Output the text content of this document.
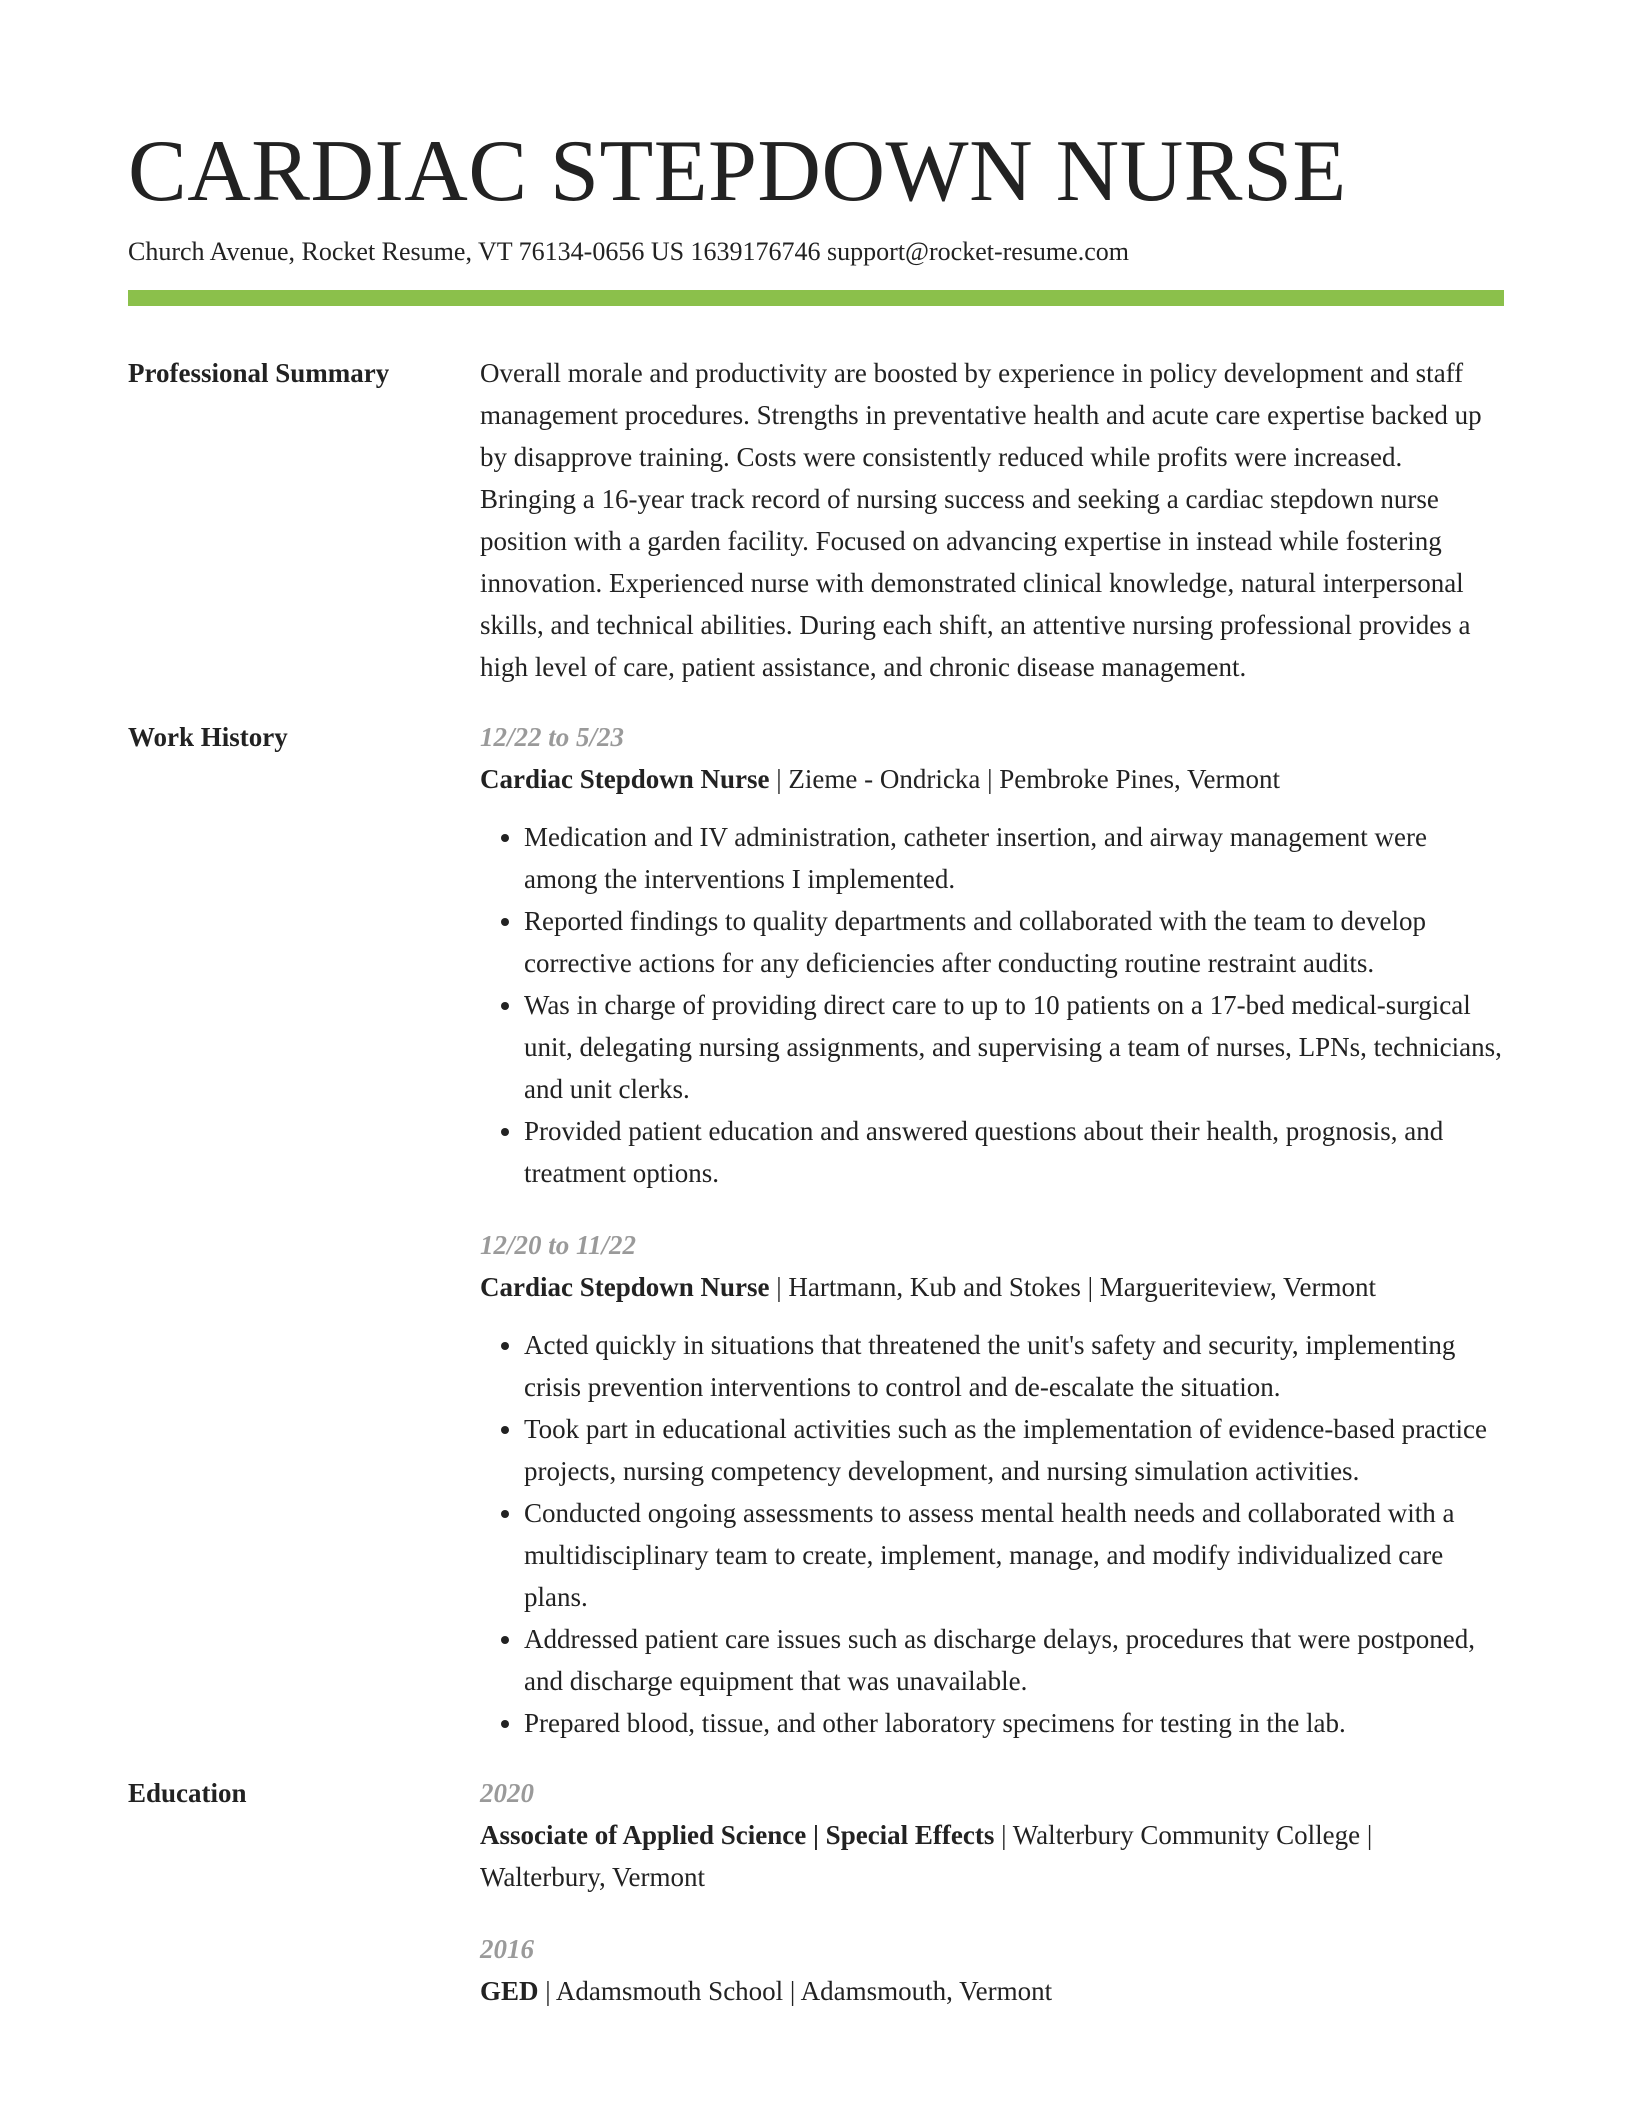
CARDIAC STEPDOWN NURSE
Church Avenue, Rocket Resume, VT 76134-0656 US 1639176746 support@rocket-resume.com
Professional Summary	Overall morale and productivity are boosted by experience in policy development and staff management procedures. Strengths in preventative health and acute care expertise backed up by disapprove training. Costs were consistently reduced while profits were increased. Bringing a 16-year track record of nursing success and seeking a cardiac stepdown nurse position with a garden facility. Focused on advancing expertise in instead while fostering innovation. Experienced nurse with demonstrated clinical knowledge, natural interpersonal skills, and technical abilities. During each shift, an attentive nursing professional provides a high level of care, patient assistance, and chronic disease management.
Work History	12/22 to 5/23
Cardiac Stepdown Nurse | Zieme - Ondricka | Pembroke Pines, Vermont
• Medication and IV administration, catheter insertion, and airway management were among the interventions I implemented.
• Reported findings to quality departments and collaborated with the team to develop corrective actions for any deficiencies after conducting routine restraint audits.
• Was in charge of providing direct care to up to 10 patients on a 17-bed medical-surgical unit, delegating nursing assignments, and supervising a team of nurses, LPNs, technicians, and unit clerks.
• Provided patient education and answered questions about their health, prognosis, and treatment options.
12/20 to 11/22
Cardiac Stepdown Nurse | Hartmann, Kub and Stokes | Margueriteview, Vermont
• Acted quickly in situations that threatened the unit's safety and security, implementing crisis prevention interventions to control and de-escalate the situation.
• Took part in educational activities such as the implementation of evidence-based practice projects, nursing competency development, and nursing simulation activities.
• Conducted ongoing assessments to assess mental health needs and collaborated with a multidisciplinary team to create, implement, manage, and modify individualized care plans.
• Addressed patient care issues such as discharge delays, procedures that were postponed, and discharge equipment that was unavailable.
• Prepared blood, tissue, and other laboratory specimens for testing in the lab.
Education	2020
Associate of Applied Science | Special Effects | Walterbury Community College | Walterbury, Vermont
2016
GED | Adamsmouth School | Adamsmouth, Vermont
